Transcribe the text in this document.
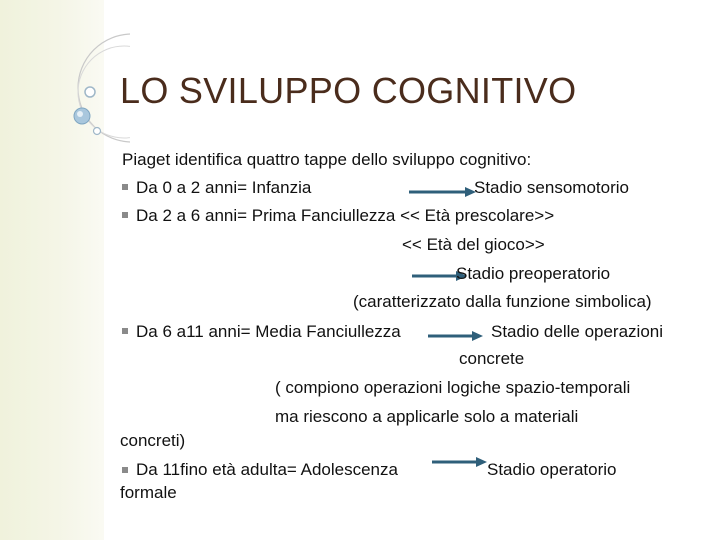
LO SVILUPPO COGNITIVO
Piaget identifica quattro tappe dello sviluppo cognitivo:
Da 0 a 2 anni= Infanzia	Stadio sensomotorio
Da 2 a 6 anni= Prima Fanciullezza << Età prescolare>>
<< Età del gioco>>
Stadio preoperatorio
(caratterizzato dalla funzione simbolica)
Da 6 a11 anni= Media Fanciullezza	Stadio delle operazioni
concrete
( compiono operazioni logiche spazio-temporali
ma riescono a applicarle solo a materiali
concreti)
Da 11fino età adulta= Adolescenza	Stadio operatorio
formale
